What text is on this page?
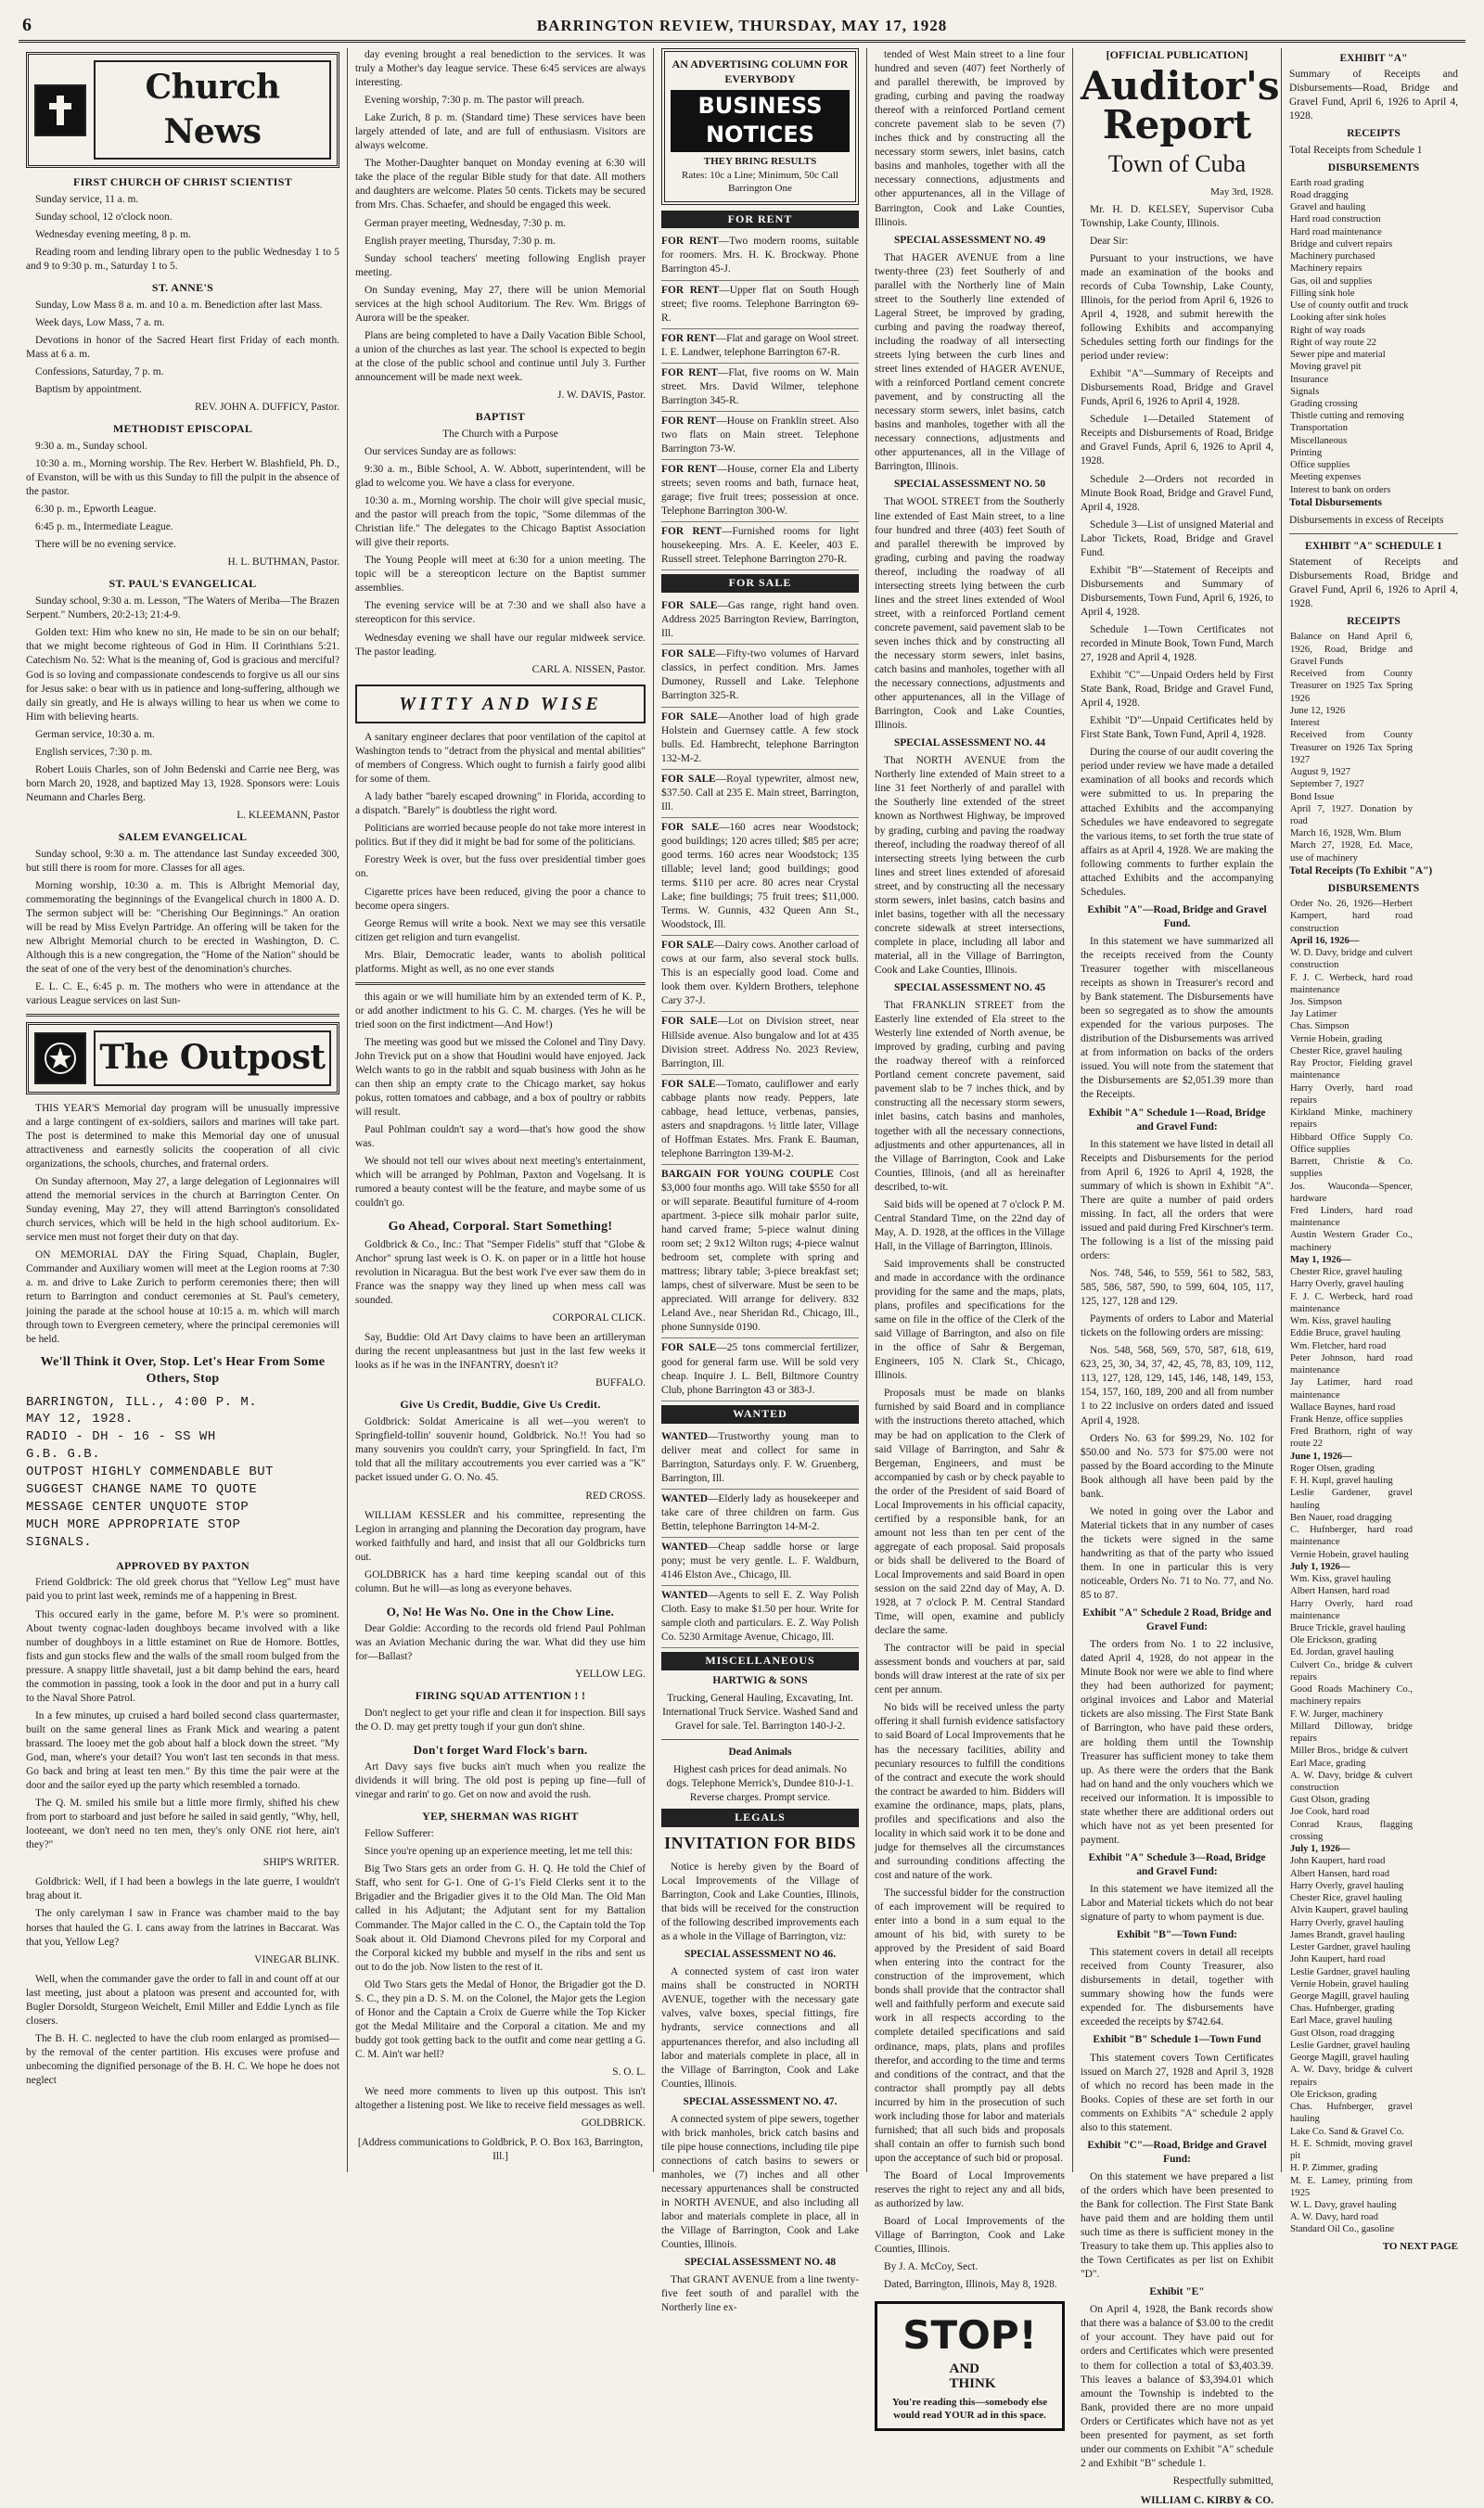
6	BARRINGTON REVIEW, THURSDAY, MAY 17, 1928
Church News
FIRST CHURCH OF CHRIST SCIENTIST

Sunday service, 11 a. m.

Sunday school, 12 o'clock noon.

Wednesday evening meeting, 8 p. m.

Reading room and lending library open to the public Wednesday 1 to 5 and 9 to 9:30 p. m., Saturday 1 to 5.

ST. ANNE'S

Sunday, Low Mass 8 a. m. and 10 a. m. Benediction after last Mass.

Week days, Low Mass, 7 a. m.

Devotions in honor of the Sacred Heart first Friday of each month. Mass at 6 a. m.

Confessions, Saturday, 7 p. m.

Baptism by appointment.

REV. JOHN A. DUFFICY, Pastor.

METHODIST EPISCOPAL

9:30 a. m., Sunday school.

10:30 a. m., Morning worship. The Rev. Herbert W. Blashfield, Ph. D., of Evanston, will be with us this Sunday to fill the pulpit in the absence of the pastor.

6:30 p. m., Epworth League.

6:45 p. m., Intermediate League.

There will be no evening service.

H. L. BUTHMAN, Pastor.

ST. PAUL'S EVANGELICAL

Sunday school, 9:30 a. m. Lesson, "The Waters of Meriba—The Brazen Serpent." Numbers, 20:2-13; 21:4-9.

Golden text: Him who knew no sin, He made to be sin on our behalf; that we might become righteous of God in Him. II Corinthians 5:21. Catechism No. 52: What is the meaning of, God is gracious and merciful? God is so loving and compassionate condescends to forgive us all our sins for Jesus sake: o bear with us in patience and long-suffering, although we daily sin greatly, and He is always willing to hear us when we come to Him with believing hearts.

German service, 10:30 a. m.

English services, 7:30 p. m.

Robert Louis Charles, son of John Bedenski and Carrie nee Berg, was born March 20, 1928, and baptized May 13, 1928. Sponsors were: Louis Neumann and Charles Berg.

L. KLEEMANN, Pastor

SALEM EVANGELICAL

Sunday school, 9:30 a. m. The attendance last Sunday exceeded 300, but still there is room for more. Classes for all ages.

Morning worship, 10:30 a. m. This is Albright Memorial day, commemorating the beginnings of the Evangelical church in 1800 A. D. The sermon subject will be: "Cherishing Our Beginnings." An oration will be read by Miss Evelyn Partridge. An offering will be taken for the new Albright Memorial church to be erected in Washington, D. C. Although this is a new congregation, the "Home of the Nation" should be the seat of one of the very best of the denomination's churches.

E. L. C. E., 6:45 p. m. The mothers who were in attendance at the various League services on last Sun-

The Outpost

THIS YEAR'S Memorial day program will be unusually impressive and a large contingent of ex-soldiers, sailors and marines will take part. The post is determined to make this Memorial day one of unusual attractiveness and earnestly solicits the cooperation of all civic organizations, the schools, churches, and fraternal orders.

On Sunday afternoon, May 27, a large delegation of Legionnaires will attend the memorial services in the church at Barrington Center. On Sunday evening, May 27, they will attend Barrington's consolidated church services, which will be held in the high school auditorium. Ex-service men must not forget their duty on that day.

ON MEMORIAL DAY the Firing Squad, Chaplain, Bugler, Commander and Auxiliary women will meet at the Legion rooms at 7:30 a. m. and drive to Lake Zurich to perform ceremonies there; then will return to Barrington and conduct ceremonies at St. Paul's cemetery, joining the parade at the school house at 10:15 a. m. which will march through town to Evergreen cemetery, where the principal ceremonies will be held.

We'll Think it Over, Stop. Let's Hear From Some Others, Stop
BARRINGTON, ILL., 4:00 P. M.
MAY 12, 1928.
RADIO - DH - 16 - SS WH
G.B. G.B.
OUTPOST HIGHLY COMMENDABLE BUT
SUGGEST CHANGE NAME TO QUOTE
MESSAGE CENTER UNQUOTE STOP
MUCH MORE APPROPRIATE STOP
SIGNALS.
APPROVED BY PAXTON

Friend Goldbrick: The old greek chorus that "Yellow Leg" must have paid you to print last week, reminds me of a happening in Brest.

This occured early in the game, before M. P.'s were so prominent. About twenty cognac-laden doughboys became involved with a like number of doughboys in a little estaminet on Rue de Homore. Bottles, fists and gun stocks flew and the walls of the small room bulged from the pressure. A snappy little shavetail, just a bit damp behind the ears, heard the commotion in passing, took a look in the door and put in a hurry call to the Naval Shore Patrol.

In a few minutes, up cruised a hard boiled second class quartermaster, built on the same general lines as Frank Mick and wearing a patent brassard. The looey met the gob about half a block down the street. "My God, man, where's your detail? You won't last ten seconds in that mess. Go back and bring at least ten men." By this time the pair were at the door and the sailor eyed up the party which resembled a tornado.

The Q. M. smiled his smile but a little more firmly, shifted his chew from port to starboard and just before he sailed in said gently, "Why, hell, looteeant, we don't need no ten men, they's only ONE riot here, ain't they?"

SHIP'S WRITER.

Goldbrick: Well, if I had been a bowlegs in the late guerre, I wouldn't brag about it.

The only carelyman I saw in France was chamber maid to the bay horses that hauled the G. I. cans away from the latrines in Baccarat. Was that you, Yellow Leg?

VINEGAR BLINK.

Well, when the commander gave the order to fall in and count off at our last meeting, just about a platoon was present and accounted for, with Bugler Dorsoldt, Sturgeon Weichelt, Emil Miller and Eddie Lynch as file closers.

The B. H. C. neglected to have the club room enlarged as promised—by the removal of the center partition. His excuses were profuse and unbecoming the dignified personage of the B. H. C. We hope he does not neglect

day evening brought a real benediction to the services. It was truly a Mother's day league service. These 6:45 services are always interesting.

Evening worship, 7:30 p. m. The pastor will preach.

Lake Zurich, 8 p. m. (Standard time) These services have been largely attended of late, and are full of enthusiasm. Visitors are always welcome.

The Mother-Daughter banquet on Monday evening at 6:30 will take the place of the regular Bible study for that date. All mothers and daughters are welcome. Plates 50 cents. Tickets may be secured from Mrs. Chas. Schaefer, and should be engaged this week.

German prayer meeting, Wednesday, 7:30 p. m.

English prayer meeting, Thursday, 7:30 p. m.

Sunday school teachers' meeting following English prayer meeting.

On Sunday evening, May 27, there will be union Memorial services at the high school Auditorium. The Rev. Wm. Briggs of Aurora will be the speaker.

Plans are being completed to have a Daily Vacation Bible School, a union of the churches as last year. The school is expected to begin at the close of the public school and continue until July 3. Further announcement will be made next week.

J. W. DAVIS, Pastor.

BAPTIST

The Church with a Purpose

Our services Sunday are as follows:

9:30 a. m., Bible School, A. W. Abbott, superintendent, will be glad to welcome you. We have a class for everyone.

10:30 a. m., Morning worship. The choir will give special music, and the pastor will preach from the topic, "Some dilemmas of the Christian life." The delegates to the Chicago Baptist Association will give their reports.

The Young People will meet at 6:30 for a union meeting. The topic will be a stereopticon lecture on the Baptist summer assemblies.

The evening service will be at 7:30 and we shall also have a stereopticon for this service.

Wednesday evening we shall have our regular midweek service. The pastor leading.

CARL A. NISSEN, Pastor.

WITTY AND WISE

A sanitary engineer declares that poor ventilation of the capitol at Washington tends to "detract from the physical and mental abilities" of members of Congress. Which ought to furnish a fairly good alibi for some of them.

A lady bather "barely escaped drowning" in Florida, according to a dispatch. "Barely" is doubtless the right word.

Politicians are worried because people do not take more interest in politics. But if they did it might be bad for some of the politicians.

Forestry Week is over, but the fuss over presidential timber goes on.

Cigarette prices have been reduced, giving the poor a chance to become opera singers.

George Remus will write a book. Next we may see this versatile citizen get religion and turn evangelist.

Mrs. Blair, Democratic leader, wants to abolish political platforms. Might as well, as no one ever stands

this again or we will humiliate him by an extended term of K. P., or add another indictment to his G. C. M. charges. (Yes he will be tried soon on the first indictment—And How!)

The meeting was good but we missed the Colonel and Tiny Davy. John Trevick put on a show that Houdini would have enjoyed. Jack Welch wants to go in the rabbit and squab business with John as he can then ship an empty crate to the Chicago market, say hokus pokus, rotten tomatoes and cabbage, and a box of poultry or rabbits will result.

Paul Pohlman couldn't say a word—that's how good the show was.

We should not tell our wives about next meeting's entertainment, which will be arranged by Pohlman, Paxton and Vogelsang. It is rumored a beauty contest will be the feature, and maybe some of us couldn't go.

Go Ahead, Corporal. Start Something!

Goldbrick & Co., Inc.: That "Semper Fidelis" stuff that "Globe & Anchor" sprung last week is O. K. on paper or in a little hot house revolution in Nicaragua. But the best work I've ever saw them do in France was the snappy way they lined up when mess call was sounded.

CORPORAL CLICK.

Say, Buddie: Old Art Davy claims to have been an artilleryman during the recent unpleasantness but just in the last few weeks it looks as if he was in the INFANTRY, doesn't it?

BUFFALO.

Give Us Credit, Buddie, Give Us Credit.

Goldbrick: Soldat Americaine is all wet—you weren't to Springfield-tollin' souvenir hound, Goldbrick. No.!! You had so many souvenirs you couldn't carry, your Springfield. In fact, I'm told that all the military accoutrements you ever carried was a "K" packet issued under G. O. No. 45.

RED CROSS.

WILLIAM KESSLER and his committee, representing the Legion in arranging and planning the Decoration day program, have worked faithfully and hard, and insist that all our Goldbricks turn out.

GOLDBRICK has a hard time keeping scandal out of this column. But he will—as long as everyone behaves.

O, No! He Was No. One in the Chow Line.

Dear Goldie: According to the records old friend Paul Pohlman was an Aviation Mechanic during the war. What did they use him for—Ballast?

YELLOW LEG.

FIRING SQUAD ATTENTION ! !

Don't neglect to get your rifle and clean it for inspection. Bill says the O. D. may get pretty tough if your gun don't shine.

Don't forget Ward Flock's barn.

Art Davy says five bucks ain't much when you realize the dividends it will bring. The old post is peping up fine—full of vinegar and rarin' to go. Get on now and avoid the rush.

YEP, SHERMAN WAS RIGHT

Fellow Sufferer:

Since you're opening up an experience meeting, let me tell this:

Big Two Stars gets an order from G. H. Q. He told the Chief of Staff, who sent for G-1. One of G-1's Field Clerks sent it to the Brigadier and the Brigadier gives it to the Old Man. The Old Man called in his Adjutant; the Adjutant sent for my Battalion Commander. The Major called in the C. O., the Captain told the Top Soak about it. Old Diamond Chevrons piled for my Corporal and the Corporal kicked my bubble and myself in the ribs and sent us out to do the job. Now listen to the rest of it.

Old Two Stars gets the Medal of Honor, the Brigadier got the D. S. C., they pin a D. S. M. on the Colonel, the Major gets the Legion of Honor and the Captain a Croix de Guerre while the Top Kicker got the Medal Militaire and the Corporal a citation. Me and my buddy got took getting back to the outfit and come near getting a G. C. M. Ain't war hell?

S. O. L.

We need more comments to liven up this outpost. This isn't altogether a listening post. We like to receive field messages as well.

GOLDBRICK.

[Address communications to Goldbrick, P. O. Box 163, Barrington, Ill.]

AN ADVERTISING COLUMN FOR EVERYBODY
BUSINESS NOTICES
THEY BRING RESULTS
Rates: 10c a Line; Minimum, 50c Call Barrington One
FOR RENT

FOR RENT—Two modern rooms, suitable for roomers. Mrs. H. K. Brockway. Phone Barrington 45-J.

FOR RENT—Upper flat on South Hough street; five rooms. Telephone Barrington 69-R.

FOR RENT—Flat and garage on Wool street. I. E. Landwer, telephone Barrington 67-R.

FOR RENT—Flat, five rooms on W. Main street. Mrs. David Wilmer, telephone Barrington 345-R.

FOR RENT—House on Franklin street. Also two flats on Main street. Telephone Barrington 73-W.

FOR RENT—House, corner Ela and Liberty streets; seven rooms and bath, furnace heat, garage; five fruit trees; possession at once. Telephone Barrington 300-W.

FOR RENT—Furnished rooms for light housekeeping. Mrs. A. E. Keeler, 403 E. Russell street. Telephone Barrington 270-R.

FOR SALE

FOR SALE—Gas range, right hand oven. Address 2025 Barrington Review, Barrington, Ill.

FOR SALE—Fifty-two volumes of Harvard classics, in perfect condition. Mrs. James Dumoney, Russell and Lake. Telephone Barrington 325-R.

FOR SALE—Another load of high grade Holstein and Guernsey cattle. A few stock bulls. Ed. Hambrecht, telephone Barrington 132-M-2.

FOR SALE—Royal typewriter, almost new, $37.50. Call at 235 E. Main street, Barrington, Ill.

FOR SALE—160 acres near Woodstock; good buildings; 120 acres tilled; $85 per acre; good terms. 160 acres near Woodstock; 135 tillable; level land; good buildings; good terms. $110 per acre. 80 acres near Crystal Lake; fine buildings; 75 fruit trees; $11,000. Terms. W. Gunnis, 432 Queen Ann St., Woodstock, Ill.

FOR SALE—Dairy cows. Another carload of cows at our farm, also several stock bulls. This is an especially good load. Come and look them over. Kyldern Brothers, telephone Cary 37-J.

FOR SALE—Lot on Division street, near Hillside avenue. Also bungalow and lot at 435 Division street. Address No. 2023 Review, Barrington, Ill.

FOR SALE—Tomato, cauliflower and early cabbage plants now ready. Peppers, late cabbage, head lettuce, verbenas, pansies, asters and snapdragons. ½ little later, Village of Hoffman Estates. Mrs. Frank E. Bauman, telephone Barrington 139-M-2.

BARGAIN FOR YOUNG COUPLE Cost $3,000 four months ago. Will take $550 for all or will separate. Beautiful furniture of 4-room apartment. 3-piece silk mohair parlor suite, hand carved frame; 5-piece walnut dining room set; 2 9x12 Wilton rugs; 4-piece walnut bedroom set, complete with spring and mattress; library table; 3-piece breakfast set; lamps, chest of silverware. Must be seen to be appreciated. Will arrange for delivery. 832 Leland Ave., near Sheridan Rd., Chicago, Ill., phone Sunnyside 0190.

FOR SALE—25 tons commercial fertilizer, good for general farm use. Will be sold very cheap. Inquire J. L. Bell, Biltmore Country Club, phone Barrington 43 or 383-J.

WANTED

WANTED—Trustworthy young man to deliver meat and collect for same in Barrington, Saturdays only. F. W. Gruenberg, Barrington, Ill.

WANTED—Elderly lady as housekeeper and take care of three children on farm. Gus Bettin, telephone Barrington 14-M-2.

WANTED—Cheap saddle horse or large pony; must be very gentle. L. F. Waldburn, 4146 Elston Ave., Chicago, Ill.

WANTED—Agents to sell E. Z. Way Polish Cloth. Easy to make $1.50 per hour. Write for sample cloth and particulars. E. Z. Way Polish Co. 5230 Armitage Avenue, Chicago, Ill.

MISCELLANEOUS

HARTWIG & SONS

Trucking, General Hauling, Excavating, Int. International Truck Service. Washed Sand and Gravel for sale. Tel. Barrington 140-J-2.

Dead Animals

Highest cash prices for dead animals. No dogs. Telephone Merrick's, Dundee 810-J-1. Reverse charges. Prompt service.

LEGALS
INVITATION FOR BIDS

Notice is hereby given by the Board of Local Improvements of the Village of Barrington, Cook and Lake Counties, Illinois, that bids will be received for the construction of the following described improvements each as a whole in the Village of Barrington, viz:

SPECIAL ASSESSMENT NO 46.

A connected system of cast iron water mains shall be constructed in NORTH AVENUE, together with the necessary gate valves, valve boxes, special fittings, fire hydrants, service connections and all appurtenances therefor, and also including all labor and materials complete in place, all in the Village of Barrington, Cook and Lake Counties, Illinois.

SPECIAL ASSESSMENT NO. 47.

A connected system of pipe sewers, together with brick manholes, brick catch basins and tile pipe house connections, including tile pipe connections of catch basins to sewers or manholes, we (7) inches and all other necessary appurtenances shall be constructed in NORTH AVENUE, and also including all labor and materials complete in place, all in the Village of Barrington, Cook and Lake Counties, Illinois.

SPECIAL ASSESSMENT NO. 48

That GRANT AVENUE from a line twenty-five feet south of and parallel with the Northerly line ex-

tended of West Main street to a line four hundred and seven (407) feet Northerly of and parallel therewith, be improved by grading, curbing and paving the roadway thereof with a reinforced Portland cement concrete pavement slab to be seven (7) inches thick and by constructing all the necessary storm sewers, inlet basins, catch basins and manholes, together with all the necessary connections, adjustments and other appurtenances, all in the Village of Barrington, Cook and Lake Counties, Illinois.

SPECIAL ASSESSMENT NO. 49

That HAGER AVENUE from a line twenty-three (23) feet Southerly of and parallel with the Northerly line of Main street to the Southerly line extended of Lageral Street, be improved by grading, curbing and paving the roadway thereof, including the roadway of all intersecting streets lying between the curb lines and street lines extended of HAGER AVENUE, with a reinforced Portland cement concrete pavement, and by constructing all the necessary storm sewers, inlet basins, catch basins and manholes, together with all the necessary connections, adjustments and other appurtenances, all in the Village of Barrington, Illinois.

SPECIAL ASSESSMENT NO. 50

That WOOL STREET from the Southerly line extended of East Main street, to a line four hundred and three (403) feet South of and parallel therewith be improved by grading, curbing and paving the roadway thereof, including the roadway of all intersecting streets lying between the curb lines and the street lines extended of Wool street, with a reinforced Portland cement concrete pavement, said pavement slab to be seven inches thick and by constructing all the necessary storm sewers, inlet basins, catch basins and manholes, together with all the necessary connections, adjustments and other appurtenances, all in the Village of Barrington, Cook and Lake Counties, Illinois.

SPECIAL ASSESSMENT NO. 44

That NORTH AVENUE from the Northerly line extended of Main street to a line 31 feet Northerly of and parallel with the Southerly line extended of the street known as Northwest Highway, be improved by grading, curbing and paving the roadway thereof, including the roadway thereof of all intersecting streets lying between the curb lines and street lines extended of aforesaid street, and by constructing all the necessary storm sewers, inlet basins, catch basins and inlet basins, together with all the necessary concrete sidewalk at street intersections, complete in place, including all labor and material, all in the Village of Barrington, Cook and Lake Counties, Illinois.

SPECIAL ASSESSMENT NO. 45

That FRANKLIN STREET from the Easterly line extended of Ela street to the Westerly line extended of North avenue, be improved by grading, curbing and paving the roadway thereof with a reinforced Portland cement concrete pavement, said pavement slab to be 7 inches thick, and by constructing all the necessary storm sewers, inlet basins, catch basins and manholes, together with all the necessary connections, adjustments and other appurtenances, all in the Village of Barrington, Cook and Lake Counties, Illinois, (and all as hereinafter described, to-wit.

Said bids will be opened at 7 o'clock P. M. Central Standard Time, on the 22nd day of May, A. D. 1928, at the offices in the Village Hall, in the Village of Barrington, Illinois.

Said improvements shall be constructed and made in accordance with the ordinance providing for the same and the maps, plats, plans, profiles and specifications for the same on file in the office of the Clerk of the said Village of Barrington, and also on file in the office of Sahr & Bergeman, Engineers, 105 N. Clark St., Chicago, Illinois.

Proposals must be made on blanks furnished by said Board and in compliance with the instructions thereto attached, which may be had on application to the Clerk of said Village of Barrington, and Sahr & Bergeman, Engineers, and must be accompanied by cash or by check payable to the order of the President of said Board of Local Improvements in his official capacity, certified by a responsible bank, for an amount not less than ten per cent of the aggregate of each proposal. Said proposals or bids shall be delivered to the Board of Local Improvements and said Board in open session on the said 22nd day of May, A. D. 1928, at 7 o'clock P. M. Central Standard Time, will open, examine and publicly declare the same.

The contractor will be paid in special assessment bonds and vouchers at par, said bonds will draw interest at the rate of six per cent per annum.

No bids will be received unless the party offering it shall furnish evidence satisfactory to said Board of Local Improvements that he has the necessary facilities, ability and pecuniary resources to fulfill the conditions of the contract and execute the work should the contract be awarded to him. Bidders will examine the ordinance, maps, plats, plans, profiles and specifications and also the locality in which said work it to be done and judge for themselves all the circumstances and surrounding conditions affecting the cost and nature of the work.

The successful bidder for the construction of each improvement will be required to enter into a bond in a sum equal to the amount of his bid, with surety to be approved by the President of said Board when entering into the contract for the construction of the improvement, which bonds shall provide that the contractor shall well and faithfully perform and execute said work in all respects according to the complete detailed specifications and said ordinance, maps, plats, plans and profiles therefor, and according to the time and terms and conditions of the contract, and that the contractor shall promptly pay all debts incurred by him in the prosecution of such work including those for labor and materials furnished; that all such bids and proposals shall contain an offer to furnish such bond upon the acceptance of such bid or proposal.

The Board of Local Improvements reserves the right to reject any and all bids, as authorized by law.

Board of Local Improvements of the Village of Barrington, Cook and Lake Counties, Illinois.

By J. A. McCoy, Sect.

Dated, Barrington, Illinois, May 8, 1928.

STOP! AND
THINK
You're reading this—somebody else would read YOUR ad in this space.
[OFFICIAL PUBLICATION]
Auditor's Report
Town of Cuba
May 3rd, 1928.

Mr. H. D. KELSEY, Supervisor Cuba Township, Lake County, Illinois.

Dear Sir:

Pursuant to your instructions, we have made an examination of the books and records of Cuba Township, Lake County, Illinois, for the period from April 6, 1926 to April 4, 1928, and submit herewith the following Exhibits and accompanying Schedules setting forth our findings for the period under review:

Exhibit "A"—Summary of Receipts and Disbursements Road, Bridge and Gravel Funds, April 6, 1926 to April 4, 1928.

Schedule 1—Detailed Statement of Receipts and Disbursements of Road, Bridge and Gravel Funds, April 6, 1926 to April 4, 1928.

Schedule 2—Orders not recorded in Minute Book Road, Bridge and Gravel Fund, April 4, 1928.

Schedule 3—List of unsigned Material and Labor Tickets, Road, Bridge and Gravel Fund.

Exhibit "B"—Statement of Receipts and Disbursements and Summary of Disbursements, Town Fund, April 6, 1926, to April 4, 1928.

Schedule 1—Town Certificates not recorded in Minute Book, Town Fund, March 27, 1928 and April 4, 1928.

Exhibit "C"—Unpaid Orders held by First State Bank, Road, Bridge and Gravel Fund, April 4, 1928.

Exhibit "D"—Unpaid Certificates held by First State Bank, Town Fund, April 4, 1928.

During the course of our audit covering the period under review we have made a detailed examination of all books and records which were submitted to us. In preparing the attached Exhibits and the accompanying Schedules we have endeavored to segregate the various items, to set forth the true state of affairs as at April 4, 1928. We are making the following comments to further explain the attached Exhibits and the accompanying Schedules.

Exhibit "A"—Road, Bridge and Gravel Fund.

In this statement we have summarized all the receipts received from the County Treasurer together with miscellaneous receipts as shown in Treasurer's record and by Bank statement. The Disbursements have been so segregated as to show the amounts expended for the various purposes. The distribution of the Disbursements was arrived at from information on backs of the orders issued. You will note from the statement that the Disbursements are $2,051.39 more than the Receipts.

Exhibit "A" Schedule 1—Road, Bridge and Gravel Fund:

In this statement we have listed in detail all Receipts and Disbursements for the period from April 6, 1926 to April 4, 1928, the summary of which is shown in Exhibit "A". There are quite a number of paid orders missing. In fact, all the orders that were issued and paid during Fred Kirschner's term. The following is a list of the missing paid orders:

Nos. 748, 546, to 559, 561 to 582, 583, 585, 586, 587, 590, to 599, 604, 105, 117, 125, 127, 128 and 129.

Payments of orders to Labor and Material tickets on the following orders are missing:

Nos. 548, 568, 569, 570, 587, 618, 619, 623, 25, 30, 34, 37, 42, 45, 78, 83, 109, 112, 113, 127, 128, 129, 145, 146, 148, 149, 153, 154, 157, 160, 189, 200 and all from number 1 to 22 inclusive on orders dated and issued April 4, 1928.

Orders No. 63 for $99.29, No. 102 for $50.00 and No. 573 for $75.00 were not passed by the Board according to the Minute Book although all have been paid by the bank.

We noted in going over the Labor and Material tickets that in any number of cases the tickets were signed in the same handwriting as that of the party who issued them. In one in particular this is very noticeable, Orders No. 71 to No. 77, and No. 85 to 87.

Exhibit "A" Schedule 2 Road, Bridge and Gravel Fund:

The orders from No. 1 to 22 inclusive, dated April 4, 1928, do not appear in the Minute Book nor were we able to find where they had been authorized for payment; original invoices and Labor and Material tickets are also missing. The First State Bank of Barrington, who have paid these orders, are holding them until the Township Treasurer has sufficient money to take them up. As there were the orders that the Bank had on hand and the only vouchers which we received our information. It is impossible to state whether there are additional orders out which have not as yet been presented for payment.

Exhibit "A" Schedule 3—Road, Bridge and Gravel Fund:

In this statement we have itemized all the Labor and Material tickets which do not bear signature of party to whom payment is due.

Exhibit "B"—Town Fund:

This statement covers in detail all receipts received from County Treasurer, also disbursements in detail, together with summary showing how the funds were expended for. The disbursements have exceeded the receipts by $742.64.

Exhibit "B" Schedule 1—Town Fund

This statement covers Town Certificates issued on March 27, 1928 and April 3, 1928 of which no record has been made in the Books. Copies of these are set forth in our comments on Exhibits "A" schedule 2 apply also to this statement.

Exhibit "C"—Road, Bridge and Gravel Fund:

On this statement we have prepared a list of the orders which have been presented to the Bank for collection. The First State Bank have paid them and are holding them until such time as there is sufficient money in the Treasury to take them up. This applies also to the Town Certificates as per list on Exhibit "D".

Exhibit "E"

On April 4, 1928, the Bank records show that there was a balance of $3.00 to the credit of your account. They have paid out for orders and Certificates which were presented to them for collection a total of $3,403.39. This leaves a balance of $3,394.01 which amount the Township is indebted to the Bank, provided there are no more unpaid Orders or Certificates which have not as yet been presented for payment, as set forth under our comments on Exhibit "A" schedule 2 and Exhibit "B" schedule 1.

Respectfully submitted,

WILLIAM C. KIRBY & CO.

EXHIBIT "A"

Summary of Receipts and Disbursements—Road, Bridge and Gravel Fund, April 6, 1926 to April 4, 1928.

RECEIPTS

Total Receipts from Schedule 1

DISBURSEMENTS
Earth road grading	
Road dragging	
Gravel and hauling	
Hard road construction	
Hard road maintenance	
Bridge and culvert repairs	
Machinery purchased	
Machinery repairs	
Gas, oil and supplies	
Filling sink hole	
Use of county outfit and truck	
Looking after sink holes	
Right of way roads	
Right of way route 22	
Sewer pipe and material	
Moving gravel pit	
Insurance	
Signals	
Grading crossing	
Thistle cutting and removing	
Transportation	
Miscellaneous	
Printing	
Office supplies	
Meeting expenses	
Interest to bank on orders	

Total Disbursements

Disbursements in excess of Receipts

EXHIBIT "A" SCHEDULE 1

Statement of Receipts and Disbursements Road, Bridge and Gravel Fund, April 6, 1926 to April 4, 1928.

RECEIPTS
Balance on Hand April 6, 1926, Road, Bridge and Gravel Funds	
Received from County Treasurer on 1925 Tax Spring 1926	
June 12, 1926	
Interest	
Received from County Treasurer on 1926 Tax Spring 1927	
August 9, 1927	
September 7, 1927	
Bond Issue	
April 7, 1927. Donation by road	
March 16, 1928, Wm. Blum	
March 27, 1928, Ed. Mace, use of machinery	

Total Receipts (To Exhibit "A")

DISBURSEMENTS
Order No. 26, 1926—Herbert Kampert, hard road construction	
April 16, 1926—	
W. D. Davy, bridge and culvert construction	
F. J. C. Werbeck, hard road maintenance	
Jos. Simpson	
Jay Latimer	
Chas. Simpson	
Vernie Hobein, grading	
Chester Rice, gravel hauling	
Ray Proctor, Fielding gravel maintenance	
Harry Overly, hard road repairs	
Kirkland Minke, machinery repairs	
Hibbard Office Supply Co. Office supplies	
Barrett, Christie & Co. supplies	
Jos. Wauconda—Spencer, hardware	
Fred Linders, hard road maintenance	
Austin Western Grader Co., machinery	
May 1, 1926—	
Chester Rice, gravel hauling	
Harry Overly, gravel hauling	
F. J. C. Werbeck, hard road maintenance	
Wm. Kiss, gravel hauling	
Eddie Bruce, gravel hauling	
Wm. Fletcher, hard road	
Peter Johnson, hard road maintenance	
Jay Latimer, hard road maintenance	
Wallace Baynes, hard road	
Frank Henze, office supplies	
Fred Brathorn, right of way route 22	
June 1, 1926—	
Roger Olsen, grading	
F. H. Kupl, gravel hauling	
Leslie Gardener, gravel hauling	
Ben Nauer, road dragging	
C. Hufnberger, hard road maintenance	
Vernie Hobein, gravel hauling	
July 1, 1926—	
Wm. Kiss, gravel hauling	
Albert Hansen, hard road	
Harry Overly, hard road maintenance	
Bruce Trickle, gravel hauling	
Ole Erickson, grading	
Ed. Jordan, gravel hauling	
Culvert Co., bridge & culvert repairs	
Good Roads Machinery Co., machinery repairs	
F. W. Jurger, machinery	
Millard Dilloway, bridge repairs	
Miller Bros., bridge & culvert	
Earl Mace, grading	
A. W. Davy, bridge & culvert construction	
Gust Olson, grading	
Joe Cook, hard road	
Conrad Kraus, flagging crossing	
July 1, 1926—	
John Kaupert, hard road	
Albert Hansen, hard road	
Harry Overly, gravel hauling	
Chester Rice, gravel hauling	
Alvin Kaupert, gravel hauling	
Harry Overly, gravel hauling	
James Brandt, gravel hauling	
Lester Gardner, gravel hauling	
John Kaupert, hard road	
Leslie Gardner, gravel hauling	
Vernie Hobein, gravel hauling	
George Magill, gravel hauling	
Chas. Hufnberger, grading	
Earl Mace, gravel hauling	
Gust Olson, road dragging	
Leslie Gardner, gravel hauling	
George Magill, gravel hauling	
A. W. Davy, bridge & culvert repairs	
Ole Erickson, grading	
Chas. Hufnberger, gravel hauling	
Lake Co. Sand & Gravel Co.	
H. E. Schmidt, moving gravel pit	
H. P. Zimmer, grading	
M. E. Lamey, printing from 1925	
W. L. Davy, gravel hauling	
A. W. Davy, hard road	
Standard Oil Co., gasoline	
TO NEXT PAGE
